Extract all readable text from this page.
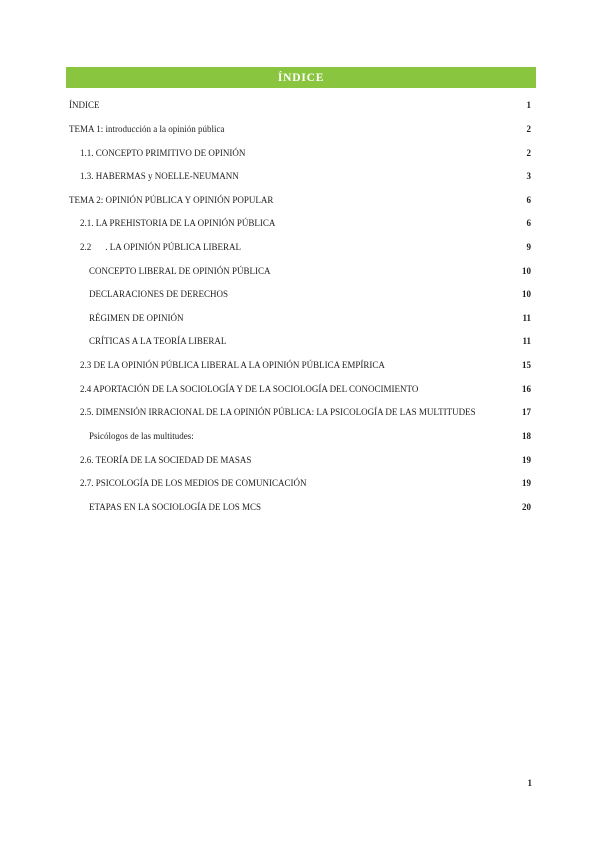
ÍNDICE
ÍNDICE	1
TEMA 1: introducción a la opinión pública	2
1.1. CONCEPTO PRIMITIVO DE OPINIÓN	2
1.3. HABERMAS y NOELLE-NEUMANN	3
TEMA 2: OPINIÓN PÚBLICA Y OPINIÓN POPULAR	6
2.1. LA PREHISTORIA DE LA OPINIÓN PÚBLICA	6
2.2 . LA OPINIÓN PÚBLICA LIBERAL	9
CONCEPTO LIBERAL DE OPINIÓN PÚBLICA	10
DECLARACIONES DE DERECHOS	10
RÉGIMEN DE OPINIÓN	11
CRÍTICAS A LA TEORÍA LIBERAL	11
2.3 DE LA OPINIÓN PÚBLICA LIBERAL A LA OPINIÓN PÚBLICA EMPÍRICA	15
2.4 APORTACIÓN DE LA SOCIOLOGÍA Y DE LA SOCIOLOGÍA DEL CONOCIMIENTO	16
2.5. DIMENSIÓN IRRACIONAL DE LA OPINIÓN PÚBLICA: LA PSICOLOGÍA DE LAS MULTITUDES	17
Psicólogos de las multitudes:	18
2.6. TEORÍA DE LA SOCIEDAD DE MASAS	19
2.7. PSICOLOGÍA DE LOS MEDIOS DE COMUNICACIÓN	19
ETAPAS EN LA SOCIOLOGÍA DE LOS MCS	20
1
